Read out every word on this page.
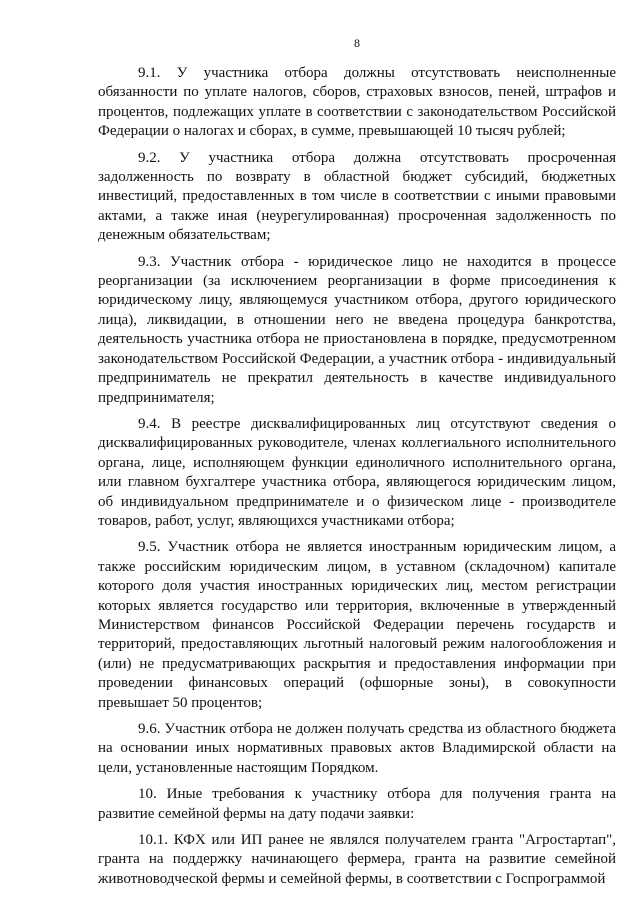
8

9.1. У участника отбора должны отсутствовать неисполненные обязанности по уплате налогов, сборов, страховых взносов, пеней, штрафов и процентов, подлежащих уплате в соответствии с законодательством Российской Федерации о налогах и сборах, в сумме, превышающей 10 тысяч рублей;

9.2. У участника отбора должна отсутствовать просроченная задолженность по возврату в областной бюджет субсидий, бюджетных инвестиций, предоставленных в том числе в соответствии с иными правовыми актами, а также иная (неурегулированная) просроченная задолженность по денежным обязательствам;

9.3. Участник отбора - юридическое лицо не находится в процессе реорганизации (за исключением реорганизации в форме присоединения к юридическому лицу, являющемуся участником отбора, другого юридического лица), ликвидации, в отношении него не введена процедура банкротства, деятельность участника отбора не приостановлена в порядке, предусмотренном законодательством Российской Федерации, а участник отбора - индивидуальный предприниматель не прекратил деятельность в качестве индивидуального предпринимателя;

9.4. В реестре дисквалифицированных лиц отсутствуют сведения о дисквалифицированных руководителе, членах коллегиального исполнительного органа, лице, исполняющем функции единоличного исполнительного органа, или главном бухгалтере участника отбора, являющегося юридическим лицом, об индивидуальном предпринимателе и о физическом лице - производителе товаров, работ, услуг, являющихся участниками отбора;

9.5. Участник отбора не является иностранным юридическим лицом, а также российским юридическим лицом, в уставном (складочном) капитале которого доля участия иностранных юридических лиц, местом регистрации которых является государство или территория, включенные в утвержденный Министерством финансов Российской Федерации перечень государств и территорий, предоставляющих льготный налоговый режим налогообложения и (или) не предусматривающих раскрытия и предоставления информации при проведении финансовых операций (офшорные зоны), в совокупности превышает 50 процентов;

9.6. Участник отбора не должен получать средства из областного бюджета на основании иных нормативных правовых актов Владимирской области на цели, установленные настоящим Порядком.

10. Иные требования к участнику отбора для получения гранта на развитие семейной фермы на дату подачи заявки:

10.1. КФХ или ИП ранее не являлся получателем гранта "Агростартап", гранта на поддержку начинающего фермера, гранта на развитие семейной животноводческой фермы и семейной фермы, в соответствии с Госпрограммой
